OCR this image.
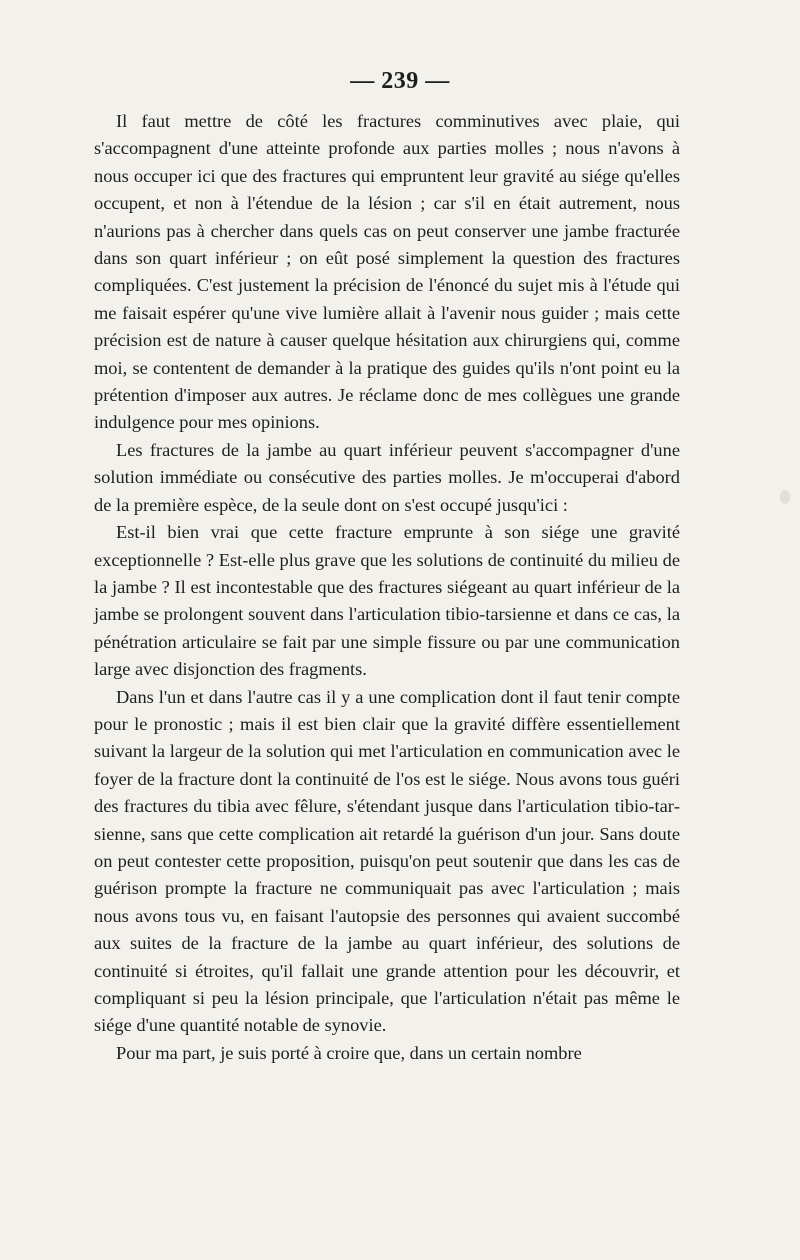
— 239 —

Il faut mettre de côté les fractures comminutives avec plaie, qui s'accompagnent d'une atteinte profonde aux parties molles ; nous n'avons à nous occuper ici que des fractures qui empruntent leur gravité au siége qu'elles occupent, et non à l'étendue de la lésion ; car s'il en était autrement, nous n'aurions pas à chercher dans quels cas on peut conserver une jambe fracturée dans son quart inférieur ; on eût posé simplement la question des fractures compliquées. C'est justement la précision de l'énoncé du sujet mis à l'étude qui me faisait espérer qu'une vive lumière allait à l'avenir nous guider ; mais cette précision est de nature à causer quelque hésitation aux chirurgiens qui, comme moi, se contentent de demander à la pratique des guides qu'ils n'ont point eu la prétention d'imposer aux autres. Je réclame donc de mes collègues une grande indulgence pour mes opinions.

Les fractures de la jambe au quart inférieur peuvent s'accompagner d'une solution immédiate ou consécutive des parties molles. Je m'occuperai d'abord de la première espèce, de la seule dont on s'est occupé jusqu'ici :

Est-il bien vrai que cette fracture emprunte à son siége une gravité exceptionnelle ? Est-elle plus grave que les solutions de continuité du milieu de la jambe ? Il est incontestable que des fractures siégeant au quart inférieur de la jambe se prolongent souvent dans l'articulation tibio-tarsienne et dans ce cas, la pénétration articulaire se fait par une simple fissure ou par une communication large avec disjonction des fragments.

Dans l'un et dans l'autre cas il y a une complication dont il faut tenir compte pour le pronostic ; mais il est bien clair que la gravité diffère essentiellement suivant la largeur de la solution qui met l'articulation en communication avec le foyer de la fracture dont la continuité de l'os est le siége. Nous avons tous guéri des fractures du tibia avec fêlure, s'étendant jusque dans l'articulation tibio-tarsienne, sans que cette complication ait retardé la guérison d'un jour. Sans doute on peut contester cette proposition, puisqu'on peut soutenir que dans les cas de guérison prompte la fracture ne communiquait pas avec l'articulation ; mais nous avons tous vu, en faisant l'autopsie des personnes qui avaient succombé aux suites de la fracture de la jambe au quart inférieur, des solutions de continuité si étroites, qu'il fallait une grande attention pour les découvrir, et compliquant si peu la lésion principale, que l'articulation n'était pas même le siége d'une quantité notable de synovie.

Pour ma part, je suis porté à croire que, dans un certain nombre
